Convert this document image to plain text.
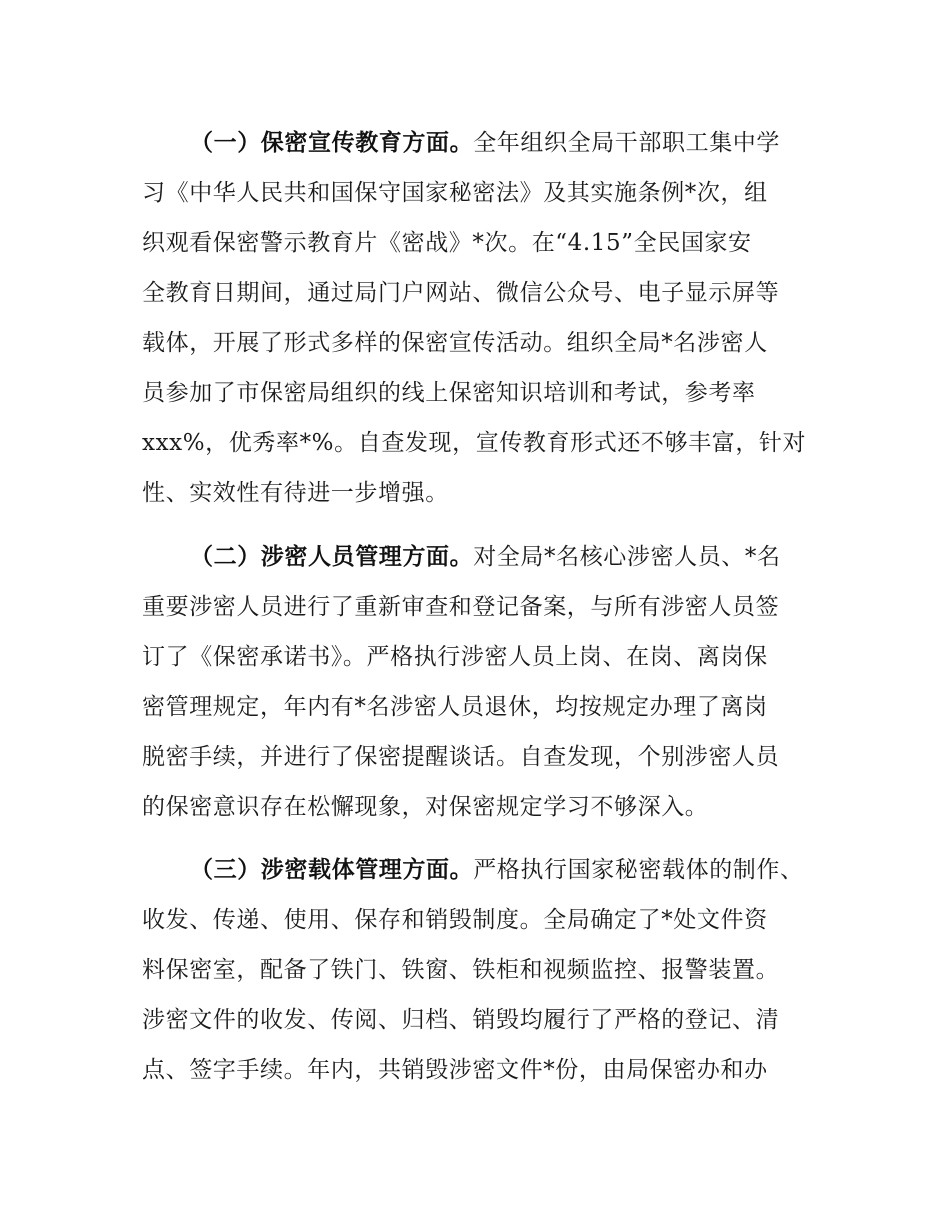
（一）保密宣传教育方面。全年组织全局干部职工集中学
习《中华人民共和国保守国家秘密法》及其实施条例*次，组
织观看保密警示教育片《密战》*次。在“4.15”全民国家安
全教育日期间，通过局门户网站、微信公众号、电子显示屏等
载体，开展了形式多样的保密宣传活动。组织全局*名涉密人
员参加了市保密局组织的线上保密知识培训和考试，参考率
xxx%，优秀率*%。自查发现，宣传教育形式还不够丰富，针对
性、实效性有待进一步增强。
（二）涉密人员管理方面。对全局*名核心涉密人员、*名
重要涉密人员进行了重新审查和登记备案，与所有涉密人员签
订了《保密承诺书》。严格执行涉密人员上岗、在岗、离岗保
密管理规定，年内有*名涉密人员退休，均按规定办理了离岗
脱密手续，并进行了保密提醒谈话。自查发现，个别涉密人员
的保密意识存在松懈现象，对保密规定学习不够深入。
（三）涉密载体管理方面。严格执行国家秘密载体的制作、
收发、传递、使用、保存和销毁制度。全局确定了*处文件资
料保密室，配备了铁门、铁窗、铁柜和视频监控、报警装置。
涉密文件的收发、传阅、归档、销毁均履行了严格的登记、清
点、签字手续。年内，共销毁涉密文件*份，由局保密办和办
